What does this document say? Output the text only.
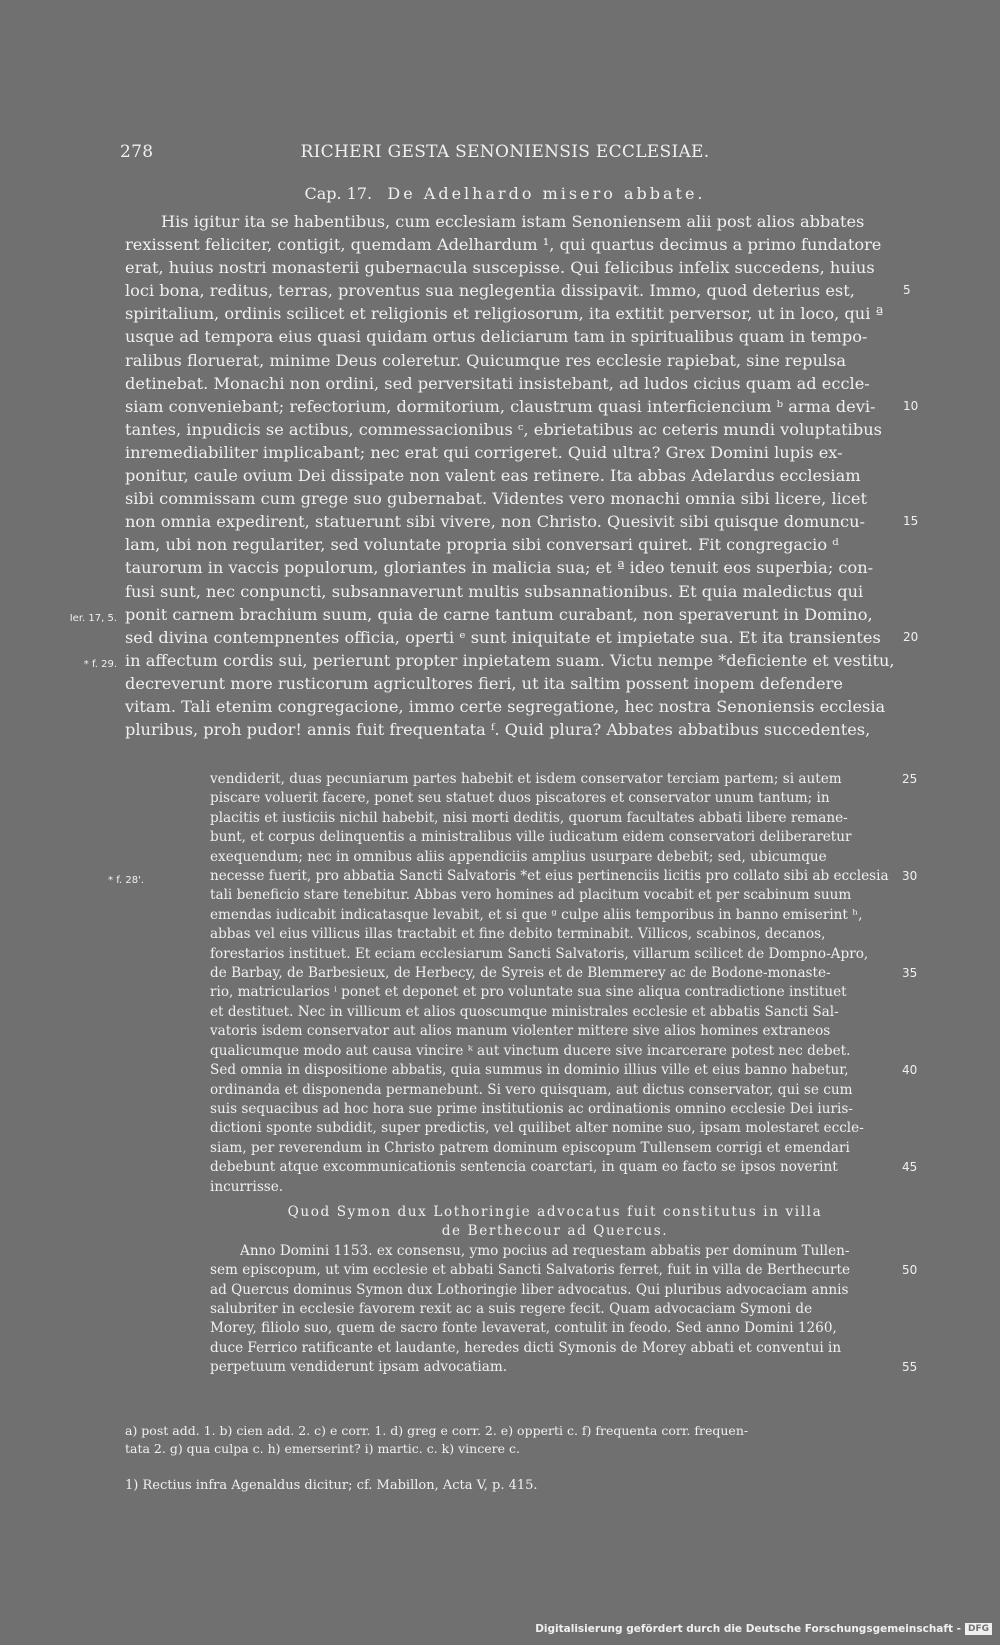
278	RICHERI GESTA SENONIENSIS ECCLESIAE.
Cap. 17. De Adelhardo misero abbate.
His igitur ita se habentibus, cum ecclesiam istam Senoniensem alii post alios abbates
rexissent feliciter, contigit, quemdam Adelhardum ¹, qui quartus decimus a primo fundatore
erat, huius nostri monasterii gubernacula suscepisse. Qui felicibus infelix succedens, huius
loci bona, reditus, terras, proventus sua neglegentia dissipavit. Immo, quod deterius est,	5
spiritalium, ordinis scilicet et religionis et religiosorum, ita extitit perversor, ut in loco, qui ª
usque ad tempora eius quasi quidam ortus deliciarum tam in spiritualibus quam in tempo-
ralibus floruerat, minime Deus coleretur. Quicumque res ecclesie rapiebat, sine repulsa
detinebat. Monachi non ordini, sed perversitati insistebant, ad ludos cicius quam ad eccle-
siam conveniebant; refectorium, dormitorium, claustrum quasi interficiencium ᵇ arma devi- 10
tantes, inpudicis se actibus, commessacionibus ᶜ, ebrietatibus ac ceteris mundi voluptatibus
inremediabiliter implicabant; nec erat qui corrigeret. Quid ultra? Grex Domini lupis ex-
ponitur, caule ovium Dei dissipate non valent eas retinere. Ita abbas Adelardus ecclesiam
sibi commissam cum grege suo gubernabat. Videntes vero monachi omnia sibi licere, licet
non omnia expedirent, statuerunt sibi vivere, non Christo. Quesivit sibi quisque domuncu-	15
lam, ubi non regulariter, sed voluntate propria sibi conversari quiret. Fit congregacio ᵈ
taurorum in vaccis populorum, gloriantes in malicia sua; et ª ideo tenuit eos superbia; con-
fusi sunt, nec conpuncti, subsannaverunt multis subsannationibus. Et quia maledictus qui
ponit carnem brachium suum, quia de carne tantum curabant, non speraverunt in Domino,
Ier. 17, 5.
sed divina contempnentes officia, operti ᵉ sunt iniquitate et impietate sua. Et ita transientes 20
in affectum cordis sui, perierunt propter inpietatem suam. Victu nempe *deficiente et vestitu,
* f. 29.
decreverunt more rusticorum agricultores fieri, ut ita saltim possent inopem defendere
vitam. Tali etenim congregacione, immo certe segregatione, hec nostra Senoniensis ecclesia
pluribus, proh pudor! annis fuit frequentata ᶠ. Quid plura? Abbates abbatibus succedentes,
vendiderit, duas pecuniarum partes habebit et isdem conservator terciam partem; si autem	25
piscare voluerit facere, ponet seu statuet duos piscatores et conservator unum tantum; in
placitis et iusticiis nichil habebit, nisi morti deditis, quorum facultates abbati libere remane-
bunt, et corpus delinquentis a ministralibus ville iudicatum eidem conservatori deliberaretur
exequendum; nec in omnibus aliis appendiciis amplius usurpare debebit; sed, ubicumque
necesse fuerit, pro abbatia Sancti Salvatoris *et eius pertinenciis licitis pro collato sibi ab ecclesia 30
* f. 28'.
tali beneficio stare tenebitur. Abbas vero homines ad placitum vocabit et per scabinum suum
emendas iudicabit indicatasque levabit, et si que ᵍ culpe aliis temporibus in banno emiserint ʰ,
abbas vel eius villicus illas tractabit et fine debito terminabit. Villicos, scabinos, decanos,
forestarios instituet. Et eciam ecclesiarum Sancti Salvatoris, villarum scilicet de Dompno-Apro,
de Barbay, de Barbesieux, de Herbecy, de Syreis et de Blemmerey ac de Bodone-monaste-	35
rio, matricularios ⁱ ponet et deponet et pro voluntate sua sine aliqua contradictione instituet
et destituet. Nec in villicum et alios quoscumque ministrales ecclesie et abbatis Sancti Sal-
vatoris isdem conservator aut alios manum violenter mittere sive alios homines extraneos
qualicumque modo aut causa vincire ᵏ aut vinctum ducere sive incarcerare potest nec debet.
Sed omnia in dispositione abbatis, quia summus in dominio illius ville et eius banno habetur,	40
ordinanda et disponenda permanebunt. Si vero quisquam, aut dictus conservator, qui se cum
suis sequacibus ad hoc hora sue prime institutionis ac ordinationis omnino ecclesie Dei iuris-
dictioni sponte subdidit, super predictis, vel quilibet alter nomine suo, ipsam molestaret eccle-
siam, per reverendum in Christo patrem dominum episcopum Tullensem corrigi et emendari
debebunt atque excommunicationis sentencia coarctari, in quam eo facto se ipsos noverint	45
incurrisse.
Quod Symon dux Lothoringie advocatus fuit constitutus in villa
de Berthecour ad Quercus.
Anno Domini 1153. ex consensu, ymo pocius ad requestam abbatis per dominum Tullen-
sem episcopum, ut vim ecclesie et abbati Sancti Salvatoris ferret, fuit in villa de Berthecurte	50
ad Quercus dominus Symon dux Lothoringie liber advocatus. Qui pluribus advocaciam annis
salubriter in ecclesie favorem rexit ac a suis regere fecit. Quam advocaciam Symoni de
Morey, filiolo suo, quem de sacro fonte levaverat, contulit in feodo. Sed anno Domini 1260,
duce Ferrico ratificante et laudante, heredes dicti Symonis de Morey abbati et conventui in
perpetuum vendiderunt ipsam advocatiam.	55
a) post add. 1. b) cien add. 2. c) e corr. 1. d) greg e corr. 2. e) opperti c. f) frequenta corr. frequen-
tata 2. g) qua culpa c. h) emerserint? i) martic. c. k) vincere c.
1) Rectius infra Agenaldus dicitur; cf. Mabillon, Acta V, p. 415.
Digitalisierung gefördert durch die Deutsche Forschungsgemeinschaft - DFG
